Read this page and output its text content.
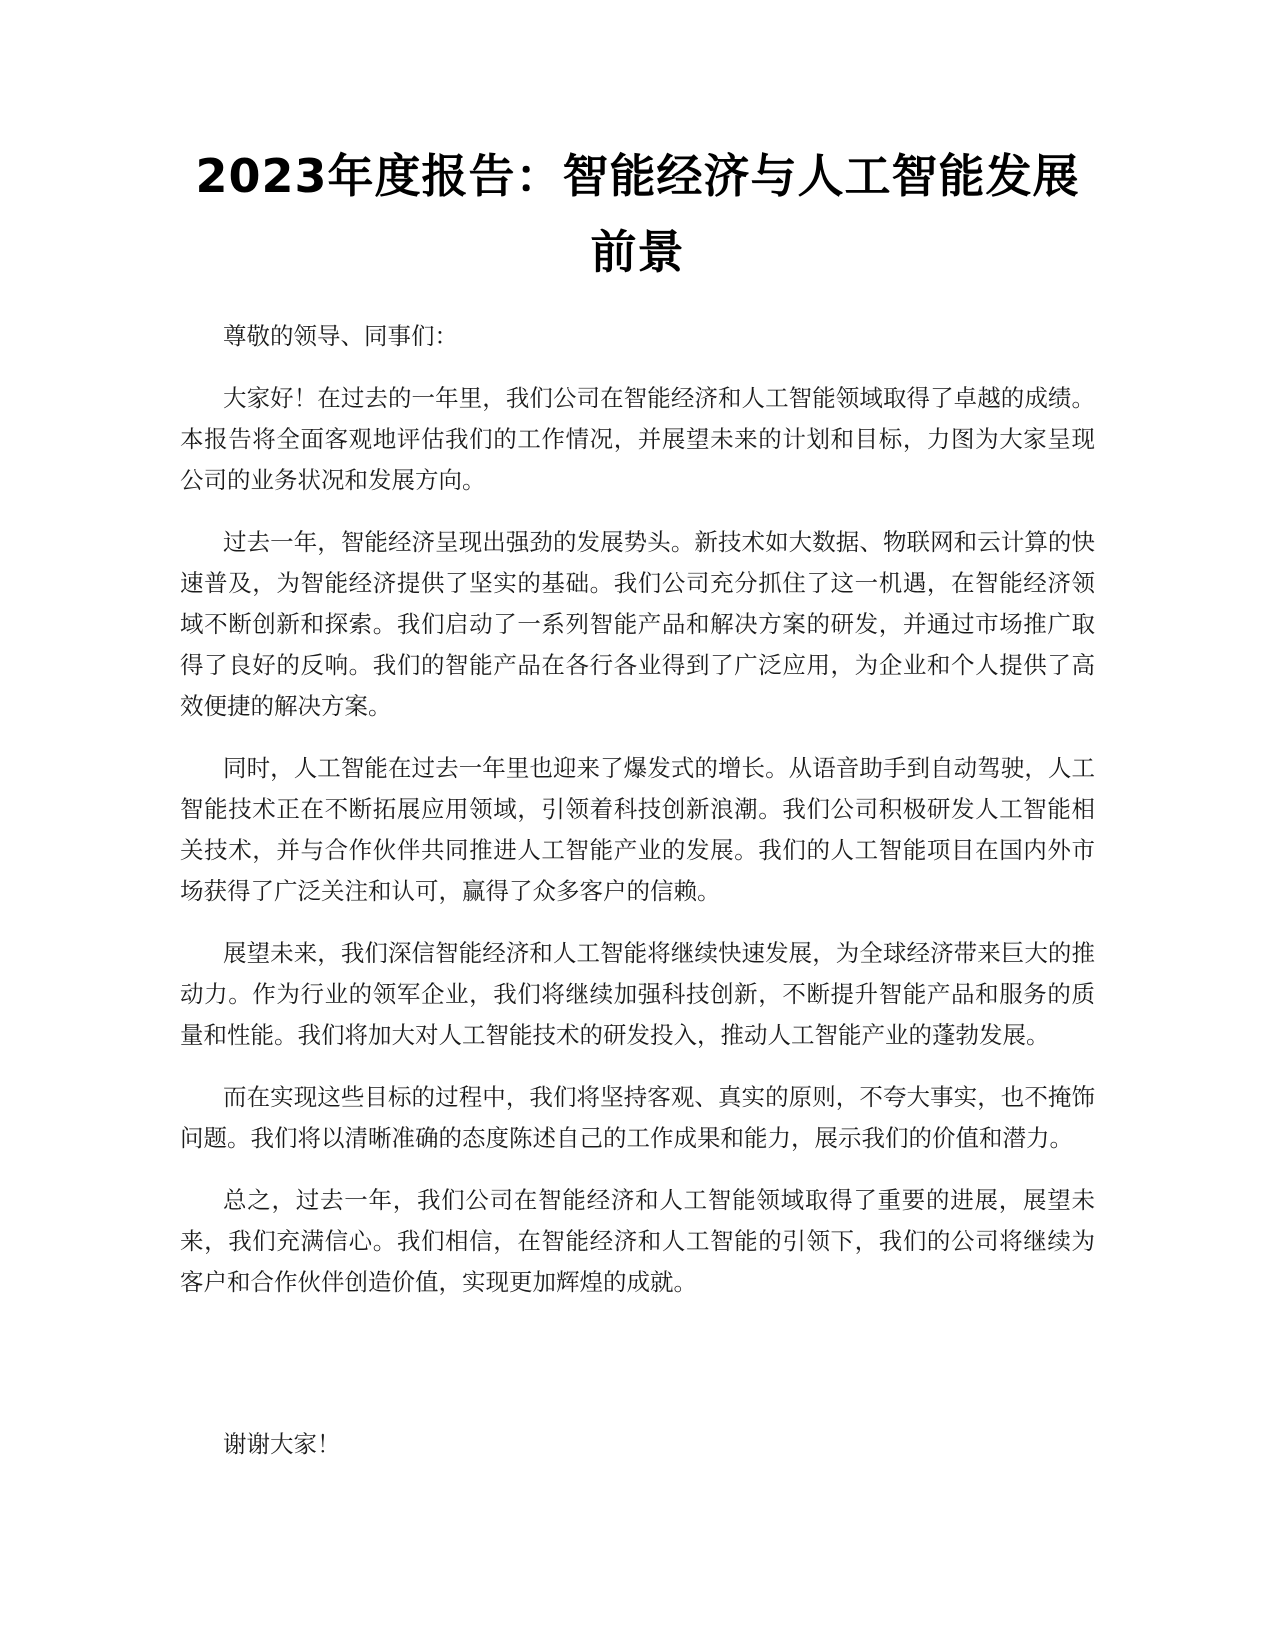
2023年度报告：智能经济与人工智能发展前景

尊敬的领导、同事们：

大家好！在过去的一年里，我们公司在智能经济和人工智能领域取得了卓越的成绩。本报告将全面客观地评估我们的工作情况，并展望未来的计划和目标，力图为大家呈现公司的业务状况和发展方向。

过去一年，智能经济呈现出强劲的发展势头。新技术如大数据、物联网和云计算的快速普及，为智能经济提供了坚实的基础。我们公司充分抓住了这一机遇，在智能经济领域不断创新和探索。我们启动了一系列智能产品和解决方案的研发，并通过市场推广取得了良好的反响。我们的智能产品在各行各业得到了广泛应用，为企业和个人提供了高效便捷的解决方案。

同时，人工智能在过去一年里也迎来了爆发式的增长。从语音助手到自动驾驶，人工智能技术正在不断拓展应用领域，引领着科技创新浪潮。我们公司积极研发人工智能相关技术，并与合作伙伴共同推进人工智能产业的发展。我们的人工智能项目在国内外市场获得了广泛关注和认可，赢得了众多客户的信赖。

展望未来，我们深信智能经济和人工智能将继续快速发展，为全球经济带来巨大的推动力。作为行业的领军企业，我们将继续加强科技创新，不断提升智能产品和服务的质量和性能。我们将加大对人工智能技术的研发投入，推动人工智能产业的蓬勃发展。

而在实现这些目标的过程中，我们将坚持客观、真实的原则，不夸大事实，也不掩饰问题。我们将以清晰准确的态度陈述自己的工作成果和能力，展示我们的价值和潜力。

总之，过去一年，我们公司在智能经济和人工智能领域取得了重要的进展，展望未来，我们充满信心。我们相信，在智能经济和人工智能的引领下，我们的公司将继续为客户和合作伙伴创造价值，实现更加辉煌的成就。

谢谢大家！
